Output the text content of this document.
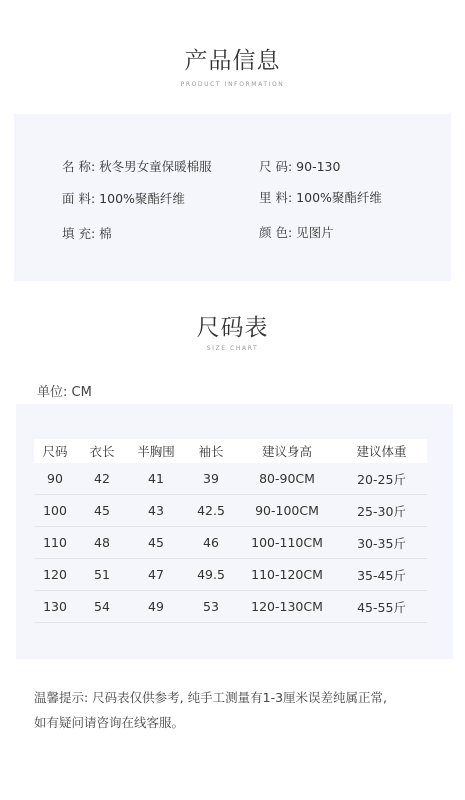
产品信息
PRODUCT INFORMATION
名 称: 秋冬男女童保暖棉服	尺 码: 90-130
面 料: 100%聚酯纤维	里 料: 100%聚酯纤维
填 充: 棉	颜 色: 见图片
尺码表
SIZE CHART
单位: CM
尺码	衣长	半胸围	袖长	建议身高	建议体重
90	42	41	39	80-90CM	20-25斤
100	45	43	42.5	90-100CM	25-30斤
110	48	45	46	100-110CM	30-35斤
120	51	47	49.5	110-120CM	35-45斤
130	54	49	53	120-130CM	45-55斤
温馨提示: 尺码表仅供参考, 纯手工测量有1-3厘米误差纯属正常,
如有疑问请咨询在线客服。
